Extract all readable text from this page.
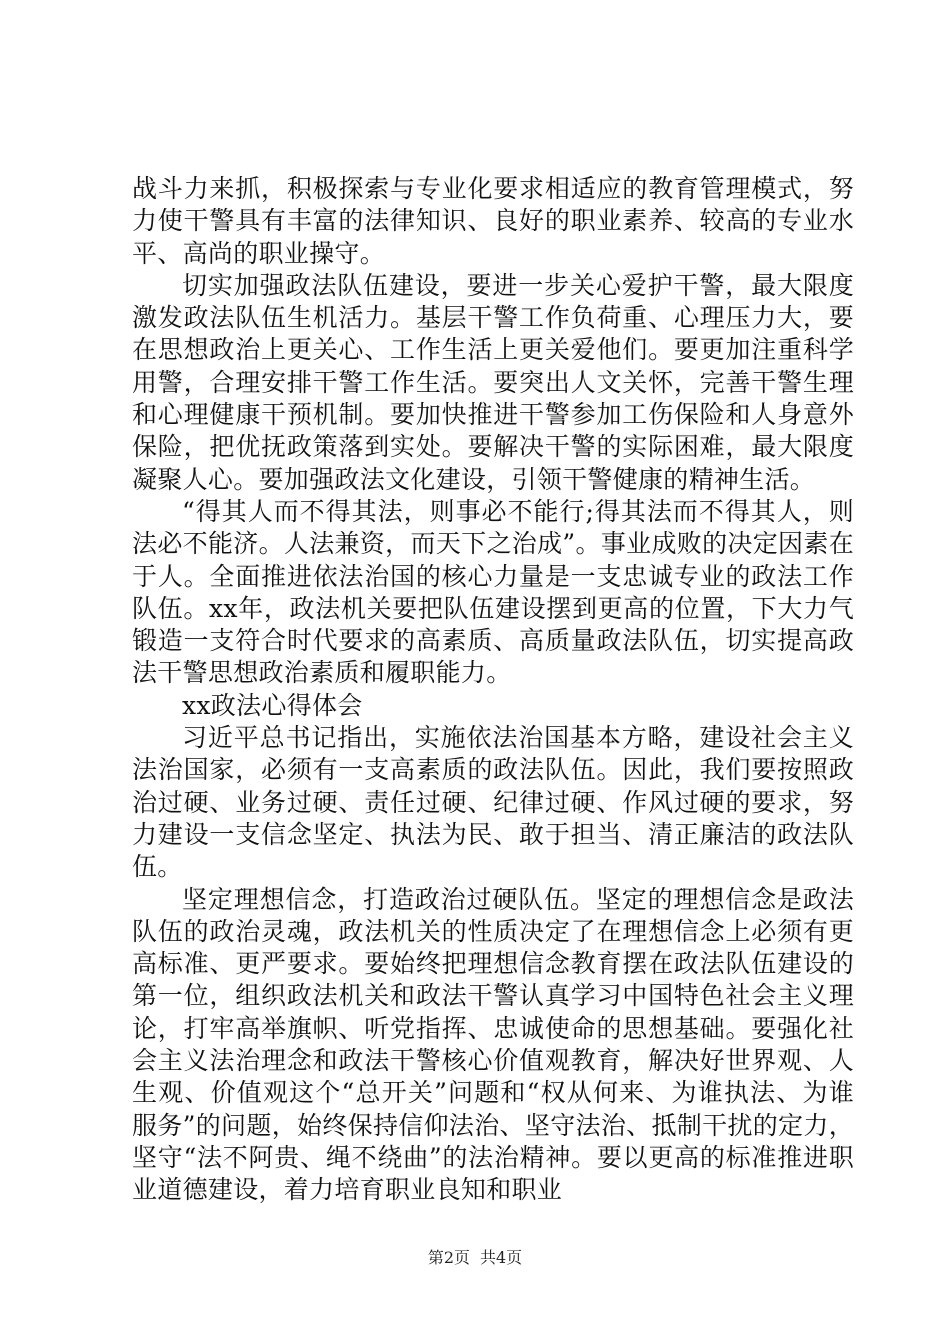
战斗力来抓，积极探索与专业化要求相适应的教育管理模式，努力使干警具有丰富的法律知识、良好的职业素养、较高的专业水平、高尚的职业操守。

切实加强政法队伍建设，要进一步关心爱护干警，最大限度激发政法队伍生机活力。基层干警工作负荷重、心理压力大，要在思想政治上更关心、工作生活上更关爱他们。要更加注重科学用警，合理安排干警工作生活。要突出人文关怀，完善干警生理和心理健康干预机制。要加快推进干警参加工伤保险和人身意外保险，把优抚政策落到实处。要解决干警的实际困难，最大限度凝聚人心。要加强政法文化建设，引领干警健康的精神生活。

“得其人而不得其法，则事必不能行;得其法而不得其人，则法必不能济。人法兼资，而天下之治成”。事业成败的决定因素在于人。全面推进依法治国的核心力量是一支忠诚专业的政法工作队伍。xx年，政法机关要把队伍建设摆到更高的位置，下大力气锻造一支符合时代要求的高素质、高质量政法队伍，切实提高政法干警思想政治素质和履职能力。

xx政法心得体会

习近平总书记指出，实施依法治国基本方略，建设社会主义法治国家，必须有一支高素质的政法队伍。因此，我们要按照政治过硬、业务过硬、责任过硬、纪律过硬、作风过硬的要求，努力建设一支信念坚定、执法为民、敢于担当、清正廉洁的政法队伍。

坚定理想信念，打造政治过硬队伍。坚定的理想信念是政法队伍的政治灵魂，政法机关的性质决定了在理想信念上必须有更高标准、更严要求。要始终把理想信念教育摆在政法队伍建设的第一位，组织政法机关和政法干警认真学习中国特色社会主义理论，打牢高举旗帜、听党指挥、忠诚使命的思想基础。要强化社会主义法治理念和政法干警核心价值观教育，解决好世界观、人生观、价值观这个“总开关”问题和“权从何来、为谁执法、为谁服务”的问题，始终保持信仰法治、坚守法治、抵制干扰的定力，坚守“法不阿贵、绳不绕曲”的法治精神。要以更高的标准推进职业道德建设，着力培育职业良知和职业

第2页 共4页
